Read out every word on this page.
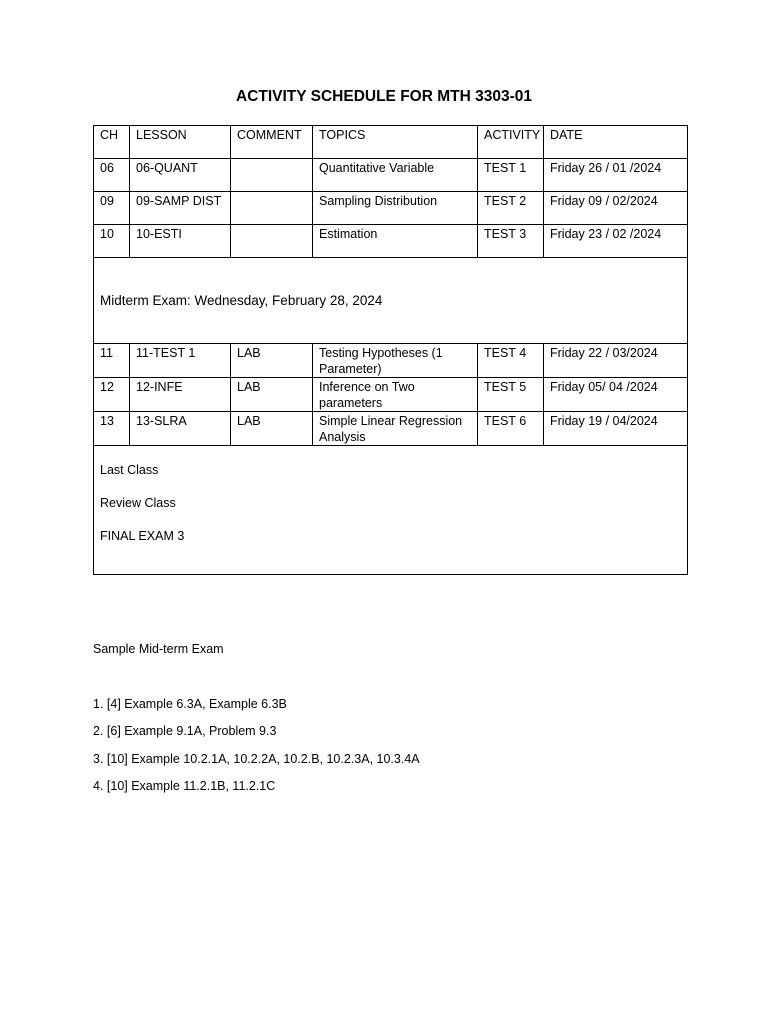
ACTIVITY SCHEDULE FOR MTH 3303-01
CH	LESSON	COMMENT	TOPICS	ACTIVITY	DATE
06	06-QUANT		Quantitative Variable	TEST 1	Friday 26 / 01 /2024
09	09-SAMP DIST		Sampling Distribution	TEST 2	Friday 09 / 02/2024
10	10-ESTI		Estimation	TEST 3	Friday 23 / 02 /2024
Midterm Exam: Wednesday, February 28, 2024					
11	11-TEST 1	LAB	Testing Hypotheses (1 Parameter)	TEST 4	Friday 22 / 03/2024
12	12-INFE	LAB	Inference on Two parameters	TEST 5	Friday 05/ 04 /2024
13	13-SLRA	LAB	Simple Linear Regression Analysis	TEST 6	Friday 19 / 04/2024

Last Class
Review Class
FINAL EXAM 3					
Sample Mid-term Exam
1. [4] Example 6.3A, Example 6.3B
2. [6] Example 9.1A, Problem 9.3
3. [10] Example 10.2.1A, 10.2.2A, 10.2.B, 10.2.3A, 10.3.4A
4. [10] Example 11.2.1B, 11.2.1C
